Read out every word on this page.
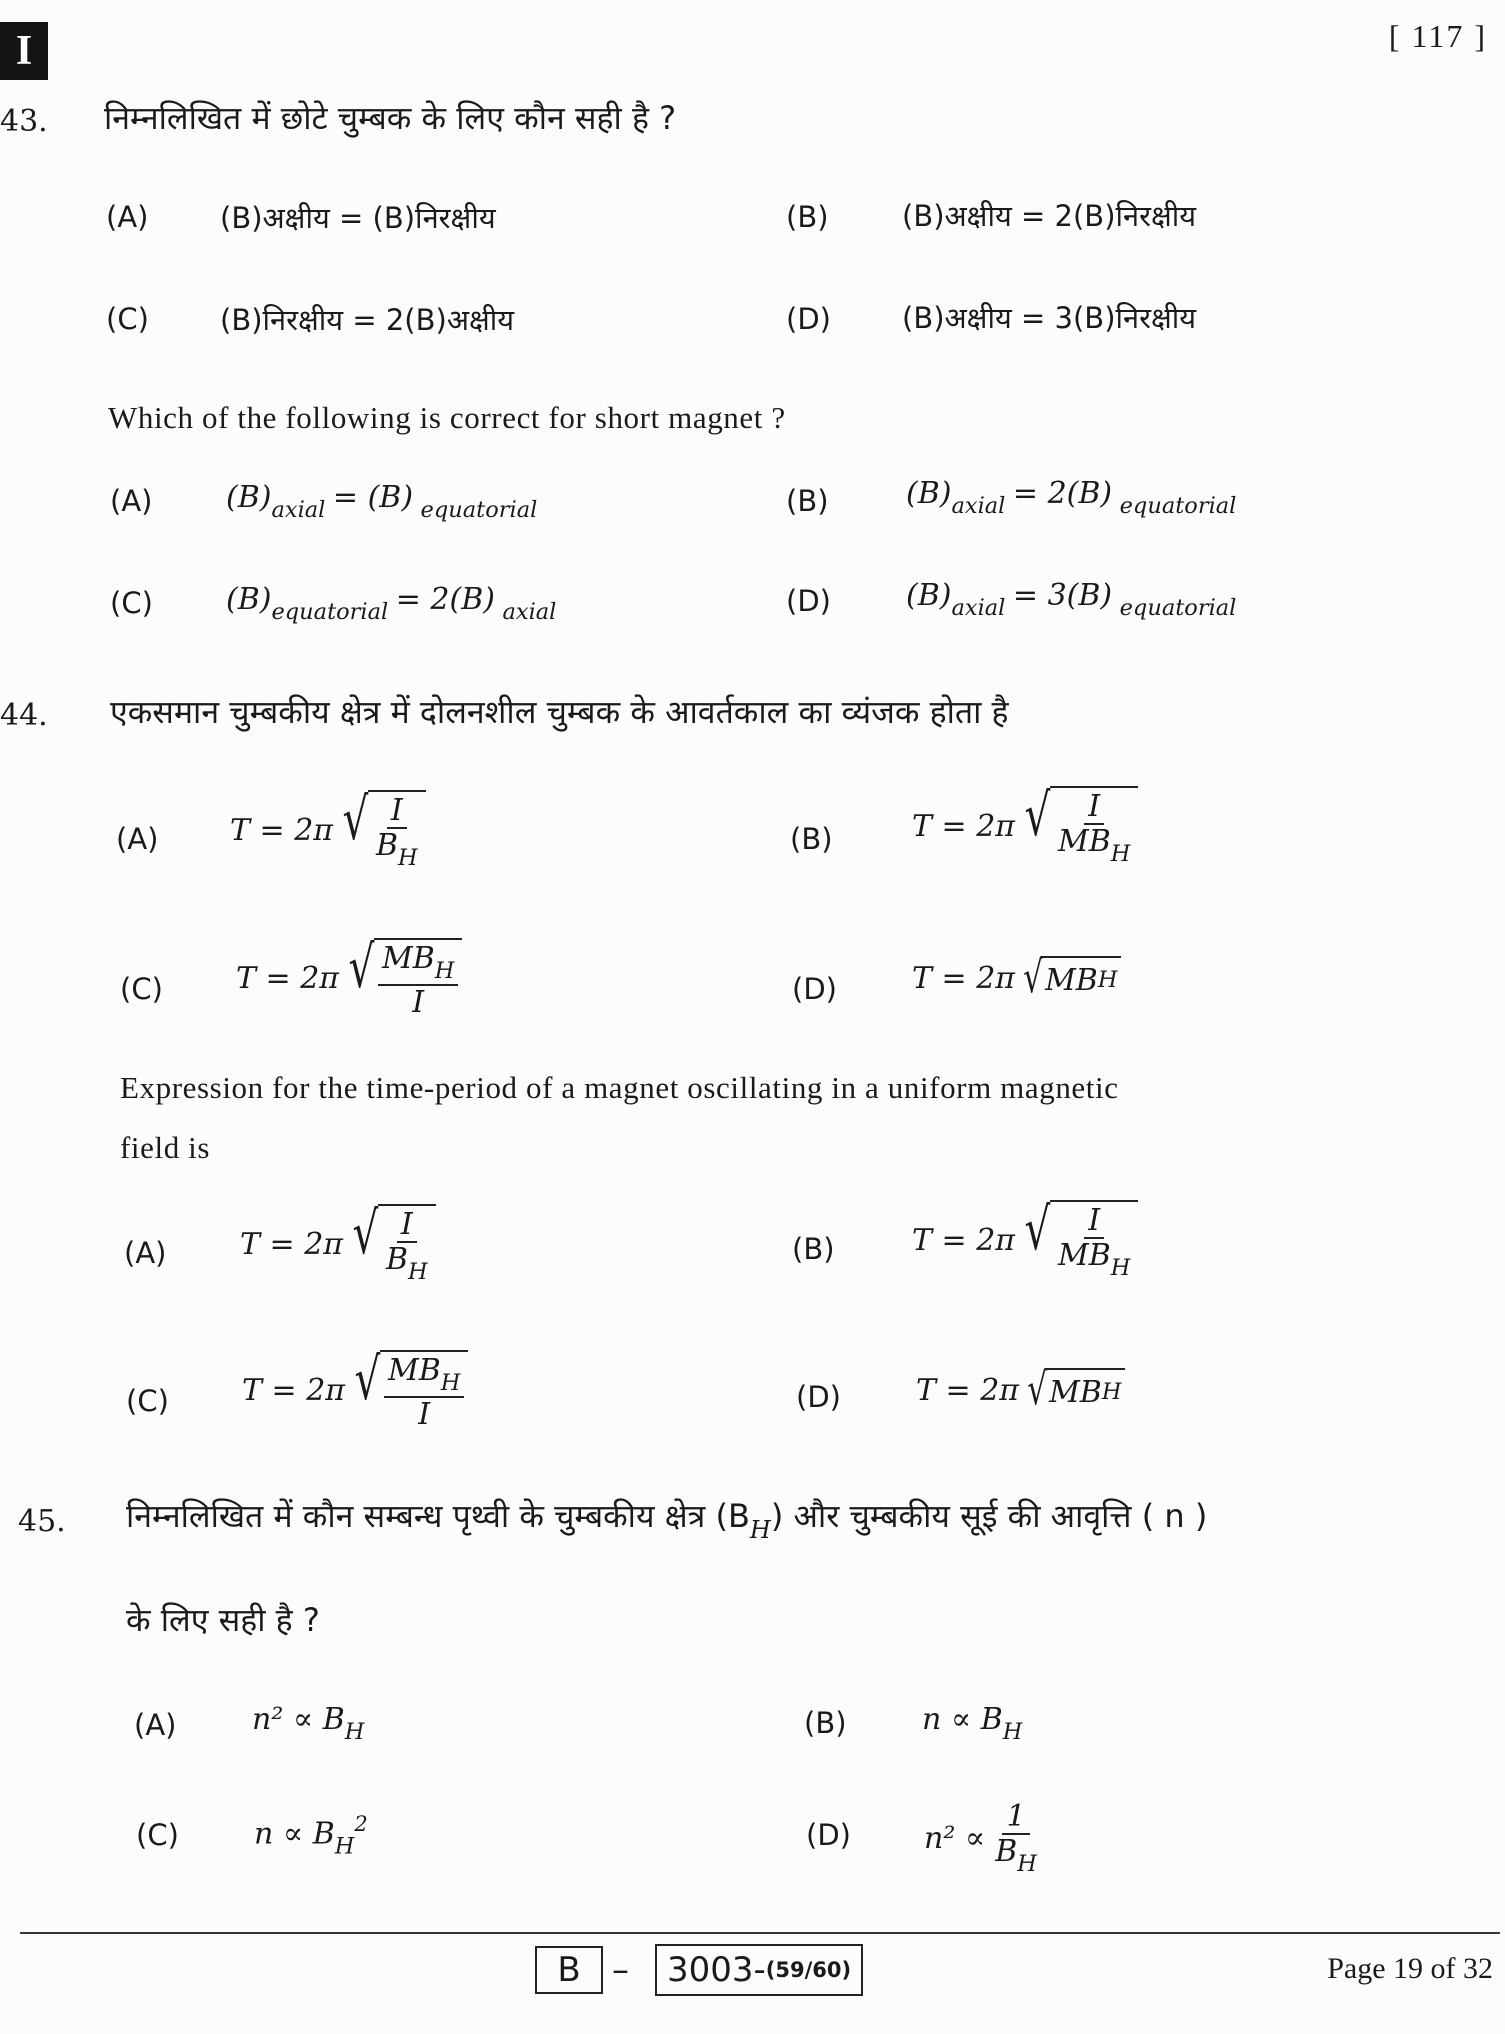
I	[ 117 ]
43. निम्नलिखित में छोटे चुम्बक के लिए कौन सही है ?
(A) (B)अक्षीय = (B)निरक्षीय	(B)	(B)अक्षीय = 2(B)निरक्षीय
(C) (B)निरक्षीय = 2(B)अक्षीय	(D) (B)अक्षीय = 3(B)निरक्षीय
Which of the following is correct for short magnet ?
(A) $(B)_{axial} = (B)$ $_{equatorial}$	(B)	$(B)_{axial} = 2(B)$ $_{equatorial}$
(C) $(B)_{equatorial} = 2(B)$ $_{axial}$	(D)	$(B)_{axial} = 3(B)$ $_{equatorial}$
44. एकसमान चुम्बकीय क्षेत्र में दोलनशील चुम्बक के आवर्तकाल का व्यंजक होता है
(A) T = 2π √ $\frac{I}{B_H}$	(B)	T = 2π √ $\frac{I}{MB_H}$
(C) T = 2π √ $\frac{MB_H}{I}$	(D)	T = 2π √ MB H
Expression for the time-period of a magnet oscillating in a uniform magnetic
field is
(A) T = 2π √ $\frac{I}{B_H}$	(B)	T = 2π √ $\frac{I}{MB_H}$
(C) T = 2π √ $\frac{MB_H}{I}$	(D)	T = 2π √ MB H
45. निम्नलिखित में कौन सम्बन्ध पृथ्वी के चुम्बकीय क्षेत्र $(B_H)$ और चुम्बकीय सूई की आवृत्ति ( n )
के लिए सही है ?
(A)	$n^2 \propto B_H$	(B)	$n \propto B_H$
(C)	$n \propto B_H^2$	(D) $n^2 \propto \frac{1}{B_H}$
B – 3003- (59/60)	Page 19 of 32
